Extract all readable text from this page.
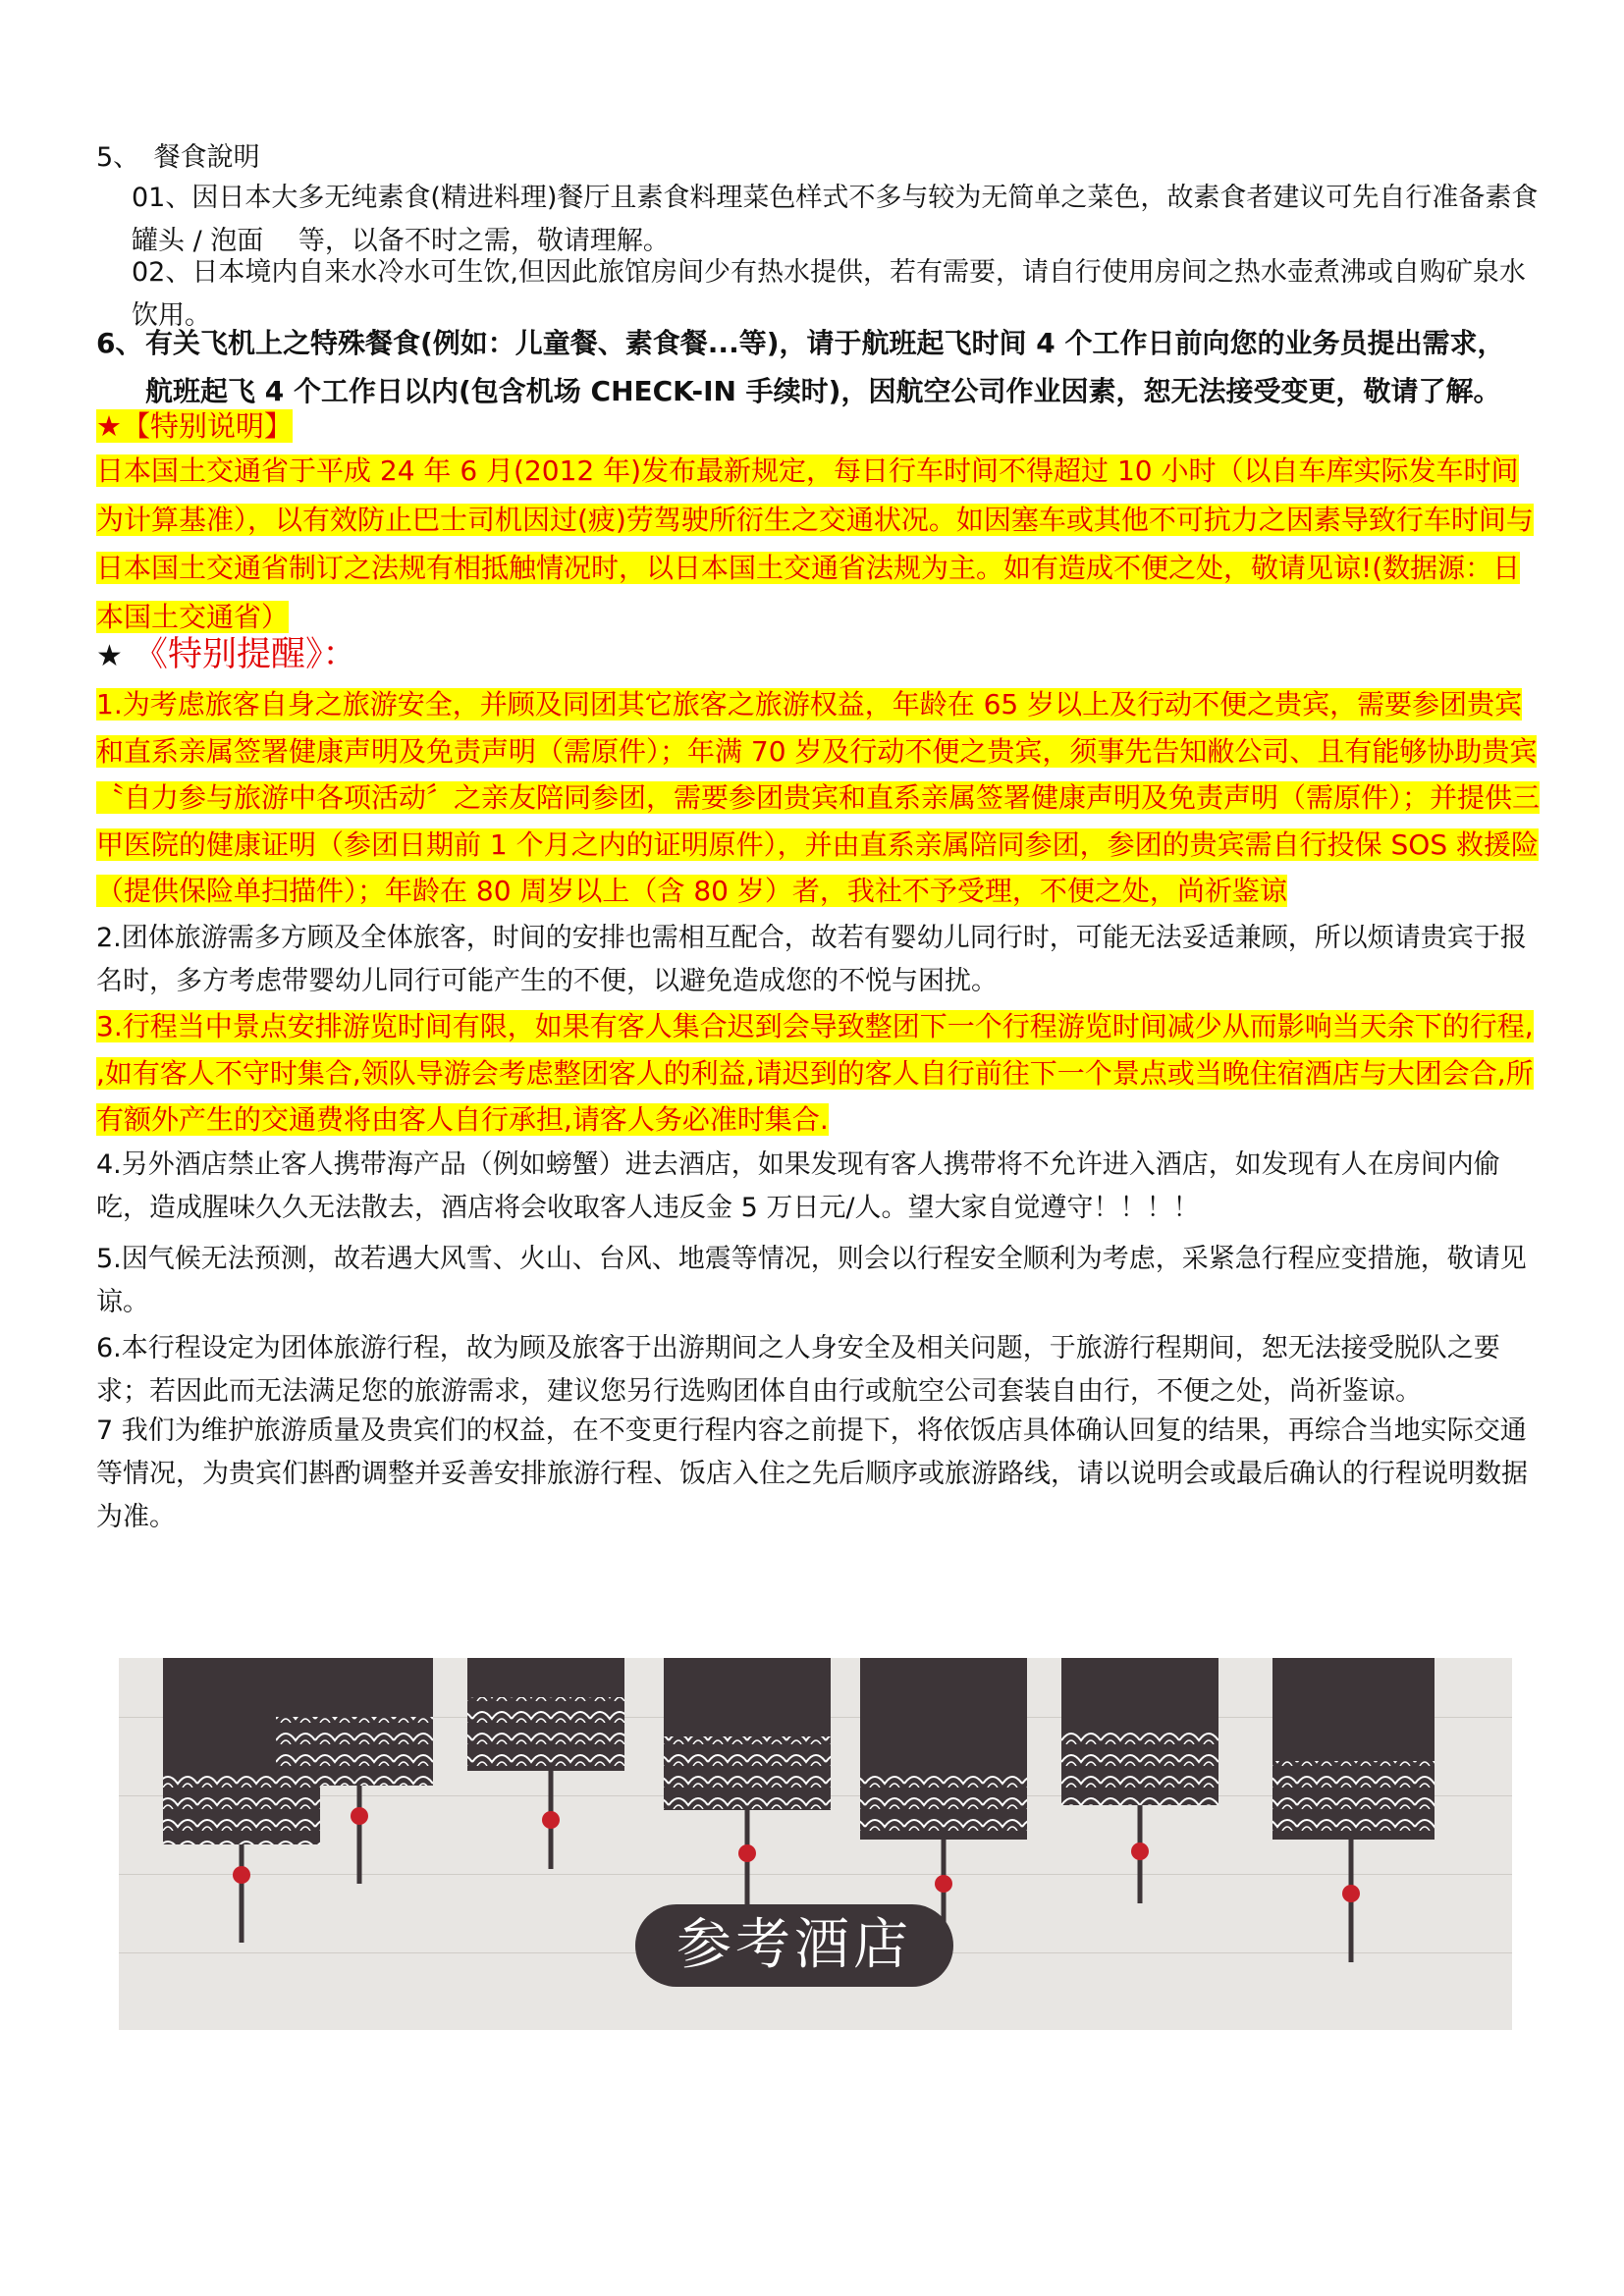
5、 餐食說明
01、因日本大多无纯素食(精进料理)餐厅且素食料理菜色样式不多与较为无简单之菜色，故素食者建议可先自行准备素食罐头 / 泡面　 等，以备不时之需，敬请理解。
02、日本境内自来水冷水可生饮,但因此旅馆房间少有热水提供，若有需要，请自行使用房间之热水壶煮沸或自购矿泉水饮用。
6、有关飞机上之特殊餐食(例如：儿童餐、素食餐...等)，请于航班起飞时间 4 个工作日前向您的业务员提出需求，
航班起飞 4 个工作日以内(包含机场 CHECK-IN 手续时)，因航空公司作业因素，恕无法接受变更，敬请了解。
★【特别说明】
日本国土交通省于平成 24 年 6 月(2012 年)发布最新规定，每日行车时间不得超过 10 小时（以自车库实际发车时间为计算基准），以有效防止巴士司机因过(疲)劳驾驶所衍生之交通状况。如因塞车或其他不可抗力之因素导致行车时间与日本国土交通省制订之法规有相抵触情况时，以日本国土交通省法规为主。如有造成不便之处，敬请见谅!(数据源：日本国土交通省）
★ 《特别提醒》：
1.为考虑旅客自身之旅游安全，并顾及同团其它旅客之旅游权益，年龄在 65 岁以上及行动不便之贵宾，需要参团贵宾和直系亲属签署健康声明及免责声明（需原件）；年满 70 岁及行动不便之贵宾，须事先告知敝公司、且有能够协助贵宾〝自力参与旅游中各项活动〞之亲友陪同参团，需要参团贵宾和直系亲属签署健康声明及免责声明（需原件）；并提供三甲医院的健康证明（参团日期前 1 个月之内的证明原件），并由直系亲属陪同参团，参团的贵宾需自行投保 SOS 救援险（提供保险单扫描件）；年龄在 80 周岁以上（含 80 岁）者，我社不予受理，不便之处，尚祈鉴谅
2.团体旅游需多方顾及全体旅客，时间的安排也需相互配合，故若有婴幼儿同行时，可能无法妥适兼顾，所以烦请贵宾于报名时，多方考虑带婴幼儿同行可能产生的不便，以避免造成您的不悦与困扰。
3.行程当中景点安排游览时间有限，如果有客人集合迟到会导致整团下一个行程游览时间减少从而影响当天余下的行程, ,如有客人不守时集合,领队导游会考虑整团客人的利益,请迟到的客人自行前往下一个景点或当晚住宿酒店与大团会合,所有额外产生的交通费将由客人自行承担,请客人务必准时集合.
4.另外酒店禁止客人携带海产品（例如螃蟹）进去酒店，如果发现有客人携带将不允许进入酒店，如发现有人在房间内偷吃，造成腥味久久无法散去，酒店将会收取客人违反金 5 万日元/人。望大家自觉遵守！！！！
5.因气候无法预测，故若遇大风雪、火山、台风、地震等情况，则会以行程安全顺利为考虑，采紧急行程应变措施，敬请见谅。
6.本行程设定为团体旅游行程，故为顾及旅客于出游期间之人身安全及相关问题，于旅游行程期间，恕无法接受脱队之要求；若因此而无法满足您的旅游需求，建议您另行选购团体自由行或航空公司套装自由行，不便之处，尚祈鉴谅。
7 我们为维护旅游质量及贵宾们的权益，在不变更行程内容之前提下，将依饭店具体确认回复的结果，再综合当地实际交通等情况，为贵宾们斟酌调整并妥善安排旅游行程、饭店入住之先后顺序或旅游路线，请以说明会或最后确认的行程说明数据为准。
参考酒店
